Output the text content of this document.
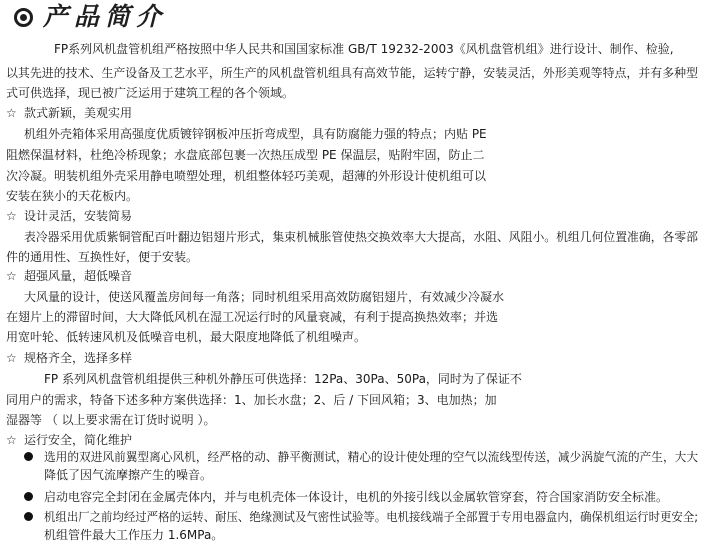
产品简介
FP系列风机盘管机组严格按照中华人民共和国国家标准 GB/T 19232-2003《风机盘管机组》进行设计、制作、检验,
以其先进的技术、生产设备及工艺水平，所生产的风机盘管机组具有高效节能，运转宁静，安装灵活，外形美观等特点，并有多种型
式可供选择，现已被广泛运用于建筑工程的各个领域。
☆ 款式新颖，美观实用
机组外壳箱体采用高强度优质镀锌钢板冲压折弯成型，具有防腐能力强的特点；内贴 PE
阻燃保温材料，杜绝冷桥现象；水盘底部包裹一次热压成型 PE 保温层，贴附牢固，防止二
次冷凝。明装机组外壳采用静电喷塑处理，机组整体轻巧美观，超薄的外形设计使机组可以
安装在狭小的天花板内。
☆ 设计灵活，安装简易
表冷器采用优质紫铜管配百叶翻边铝翅片形式，集束机械胀管使热交换效率大大提高，水阻、风阻小。机组几何位置准确，各零部
件的通用性、互换性好，便于安装。
☆ 超强风量，超低噪音
大风量的设计，使送风覆盖房间每一角落；同时机组采用高效防腐铝翅片，有效减少冷凝水
在翅片上的滞留时间，大大降低风机在湿工况运行时的风量衰减，有利于提高换热效率；并选
用宽叶轮、低转速风机及低噪音电机，最大限度地降低了机组噪声。
☆ 规格齐全，选择多样
FP 系列风机盘管机组提供三种机外静压可供选择：12Pa、30Pa、50Pa，同时为了保证不
同用户的需求，特备下述多种方案供选择：1、加长水盘；2、后 / 下回风箱；3、电加热；加
湿器等 （ 以上要求需在订货时说明 ）。
☆ 运行安全，简化维护
选用的双进风前翼型离心风机，经严格的动、静平衡测试，精心的设计使处理的空气以流线型传送，减少涡旋气流的产生，大大
降低了因气流摩擦产生的噪音。
启动电容完全封闭在金属壳体内，并与电机壳体一体设计，电机的外接引线以金属软管穿套，符合国家消防安全标准。
机组出厂之前均经过严格的运转、耐压、绝缘测试及气密性试验等。电机接线端子全部置于专用电器盒内，确保机组运行时更安全;
机组管件最大工作压力 1.6MPa。
